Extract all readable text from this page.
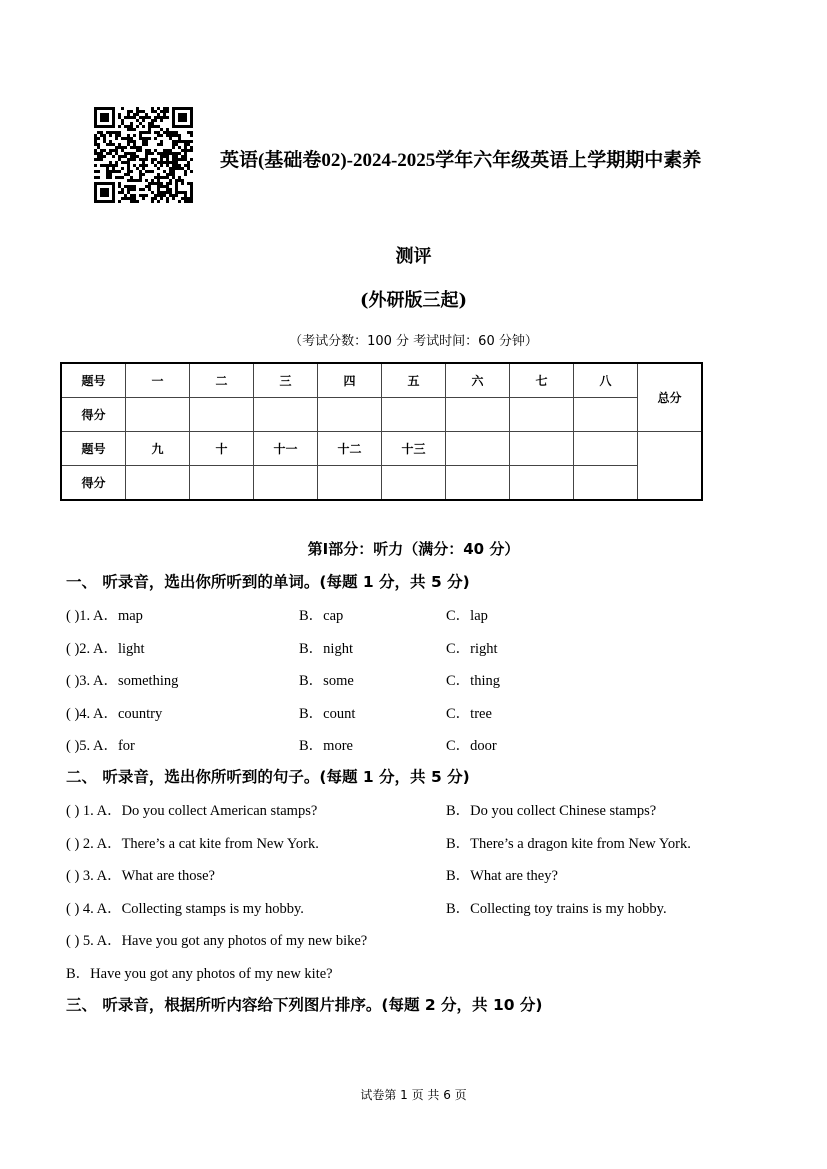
英语(基础卷02)-2024-2025学年六年级英语上学期期中素养
测评
(外研版三起)
（考试分数：100 分 考试时间：60 分钟）
题号	一	二	三	四	五	六	七	八	总分
得分									
题号	九	十	十一	十二	十三				
得分									
第Ⅰ部分：听力（满分：40 分）
一、 听录音，选出你所听到的单词。(每题 1 分，共 5 分)
( )1. A．map	B．cap	C．lap
( )2. A．light	B．night	C．right
( )3. A．something	B．some	C．thing
( )4. A．country	B．count	C．tree
( )5. A．for	B．more	C．door
二、 听录音，选出你所听到的句子。(每题 1 分，共 5 分)
( ) 1. A．Do you collect American stamps?	B．Do you collect Chinese stamps?
( ) 2. A．There’s a cat kite from New York.	B．There’s a dragon kite from New York.
( ) 3. A．What are those?	B．What are they?
( ) 4. A．Collecting stamps is my hobby.	B．Collecting toy trains is my hobby.
( ) 5. A．Have you got any photos of my new bike?
B．Have you got any photos of my new kite?
三、 听录音，根据所听内容给下列图片排序。(每题 2 分，共 10 分)
试卷第 1 页 共 6 页
